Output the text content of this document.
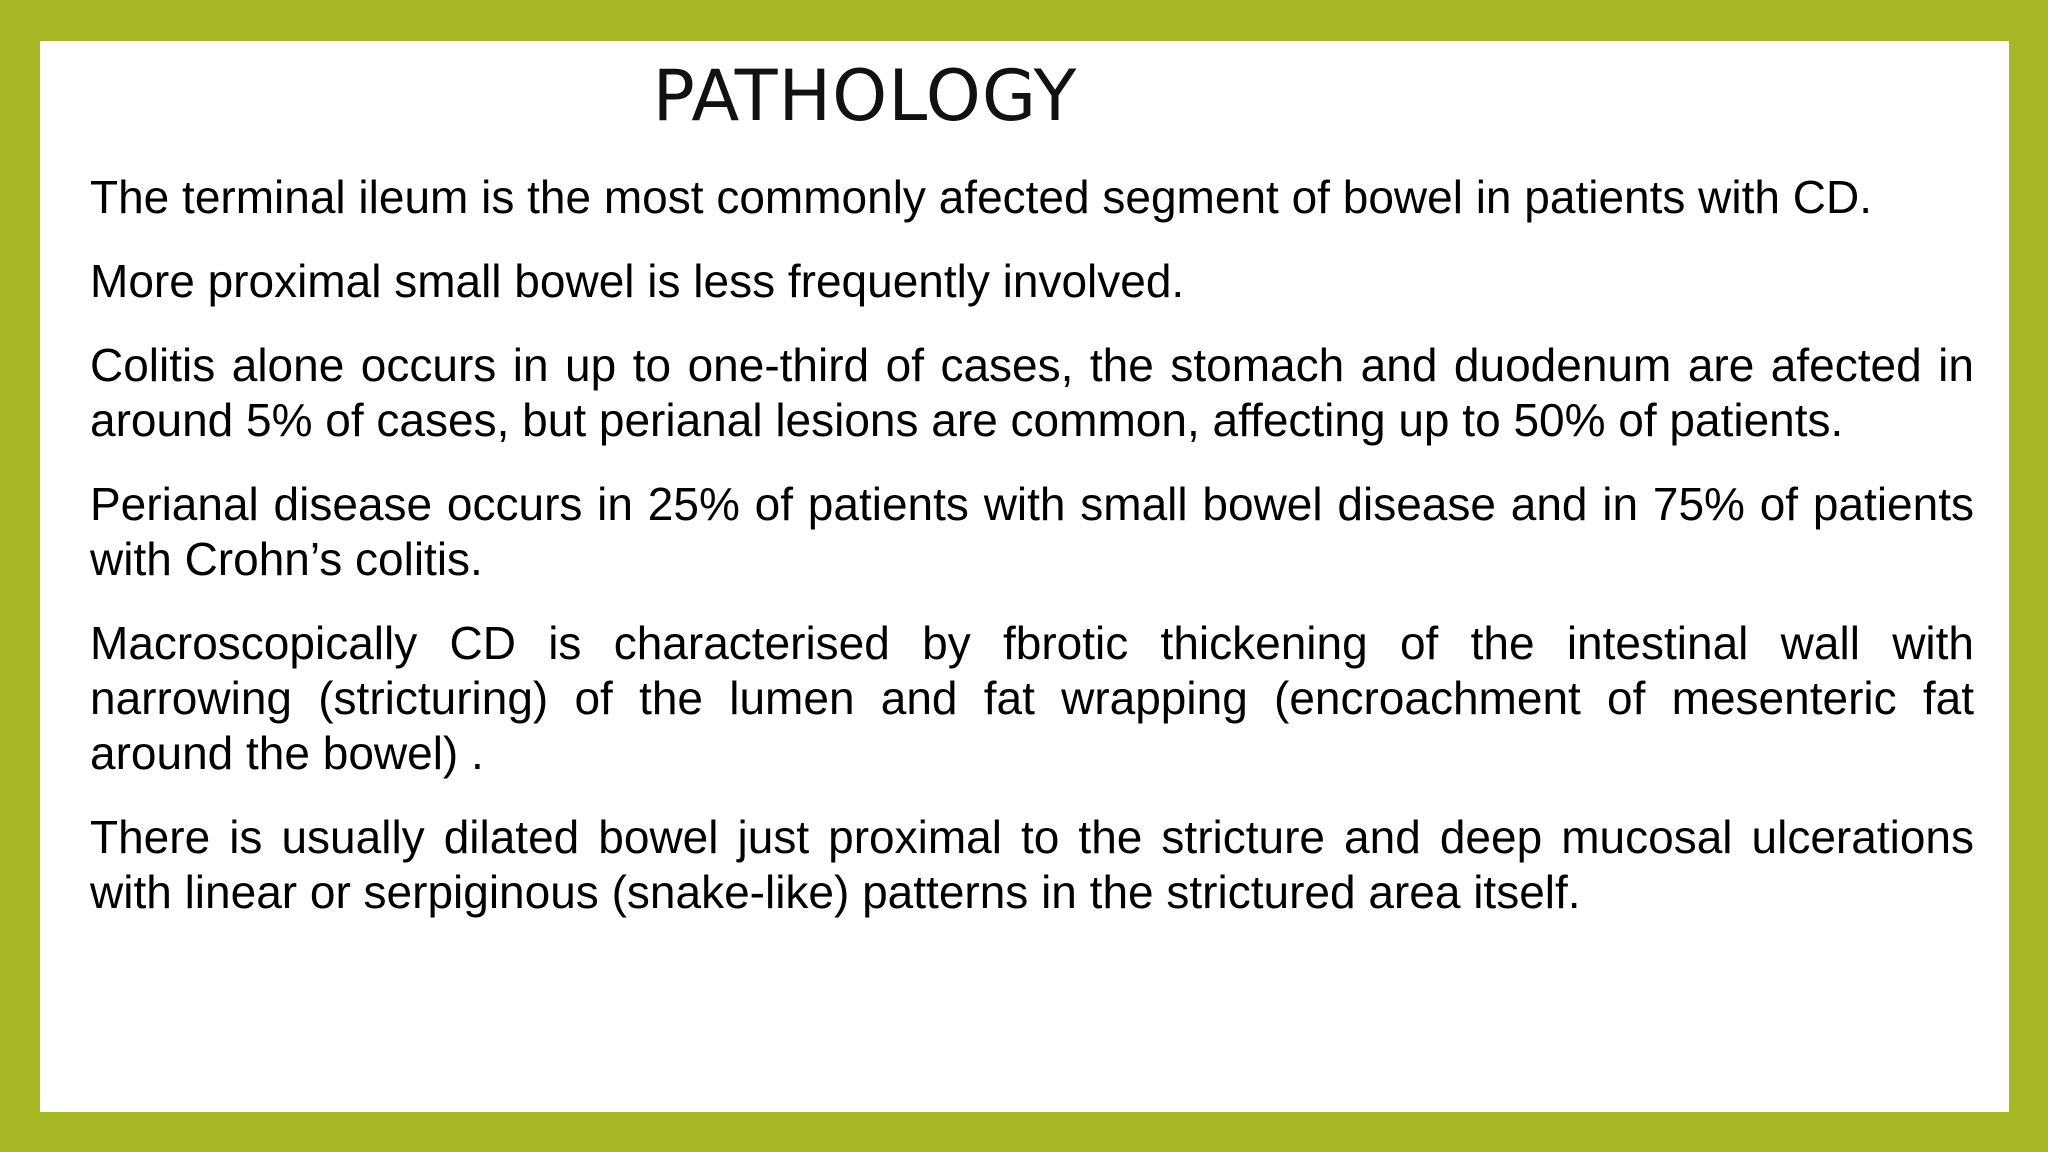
PATHOLOGY

The terminal ileum is the most commonly afected segment of bowel in patients with CD.

More proximal small bowel is less frequently involved.

Colitis alone occurs in up to one-third of cases, the stomach and duodenum are afected in around 5% of cases, but perianal lesions are common, affecting up to 50% of patients.

Perianal disease occurs in 25% of patients with small bowel disease and in 75% of patients with Crohn’s colitis.

Macroscopically CD is characterised by fbrotic thickening of the intestinal wall with narrowing (stricturing) of the lumen and fat wrapping (encroachment of mesenteric fat around the bowel) .

There is usually dilated bowel just proximal to the stricture and deep mucosal ulcerations with linear or serpiginous (snake-like) patterns in the strictured area itself.
